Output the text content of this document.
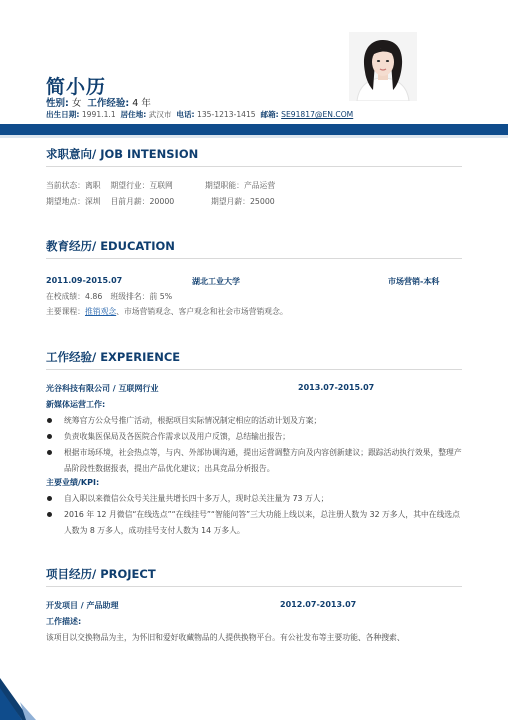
简小历
性别: 女 工作经验: 4 年
出生日期: 1991.1.1 居住地: 武汉市 电话: 135-1213-1415 邮箱: SE91817@EN.COM
求职意向/ JOB INTENSION
当前状态：离职 期望行业：互联网	期望职能：产品运营
期望地点：深圳 目前月薪：20000	期望月薪：25000
教育经历/ EDUCATION
2011.09-2015.07	湖北工业大学	市场营销-本科
在校成绩：4.86 班级排名：前 5%
主要课程：推销观念、市场营销观念、客户观念和社会市场营销观念。
工作经验/ EXPERIENCE
光谷科技有限公司 / 互联网行业	2013.07-2015.07
新媒体运营工作:
统筹官方公众号推广活动，根据项目实际情况制定相应的活动计划及方案；
负责收集医保局及各医院合作需求以及用户反馈，总结输出报告；
根据市场环境，社会热点等，与内、外部协调沟通，提出运营调整方向及内容创新建议；跟踪活动执行效果，整理产品阶段性数据报表，提出产品优化建议；出具竞品分析报告。
主要业绩/KPI:
自入职以来微信公众号关注量共增长四十多万人，现时总关注量为 73 万人；
2016 年 12 月微信“在线选点”“在线挂号”“智能问答”三大功能上线以来，总注册人数为 32 万多人，其中在线选点人数为 8 万多人，成功挂号支付人数为 14 万多人。
项目经历/ PROJECT
开发项目 / 产品助理	2012.07-2013.07
工作描述:
该项目以交换物品为主，为怀旧和爱好收藏物品的人提供换物平台。有公社发布等主要功能、各种搜索、
